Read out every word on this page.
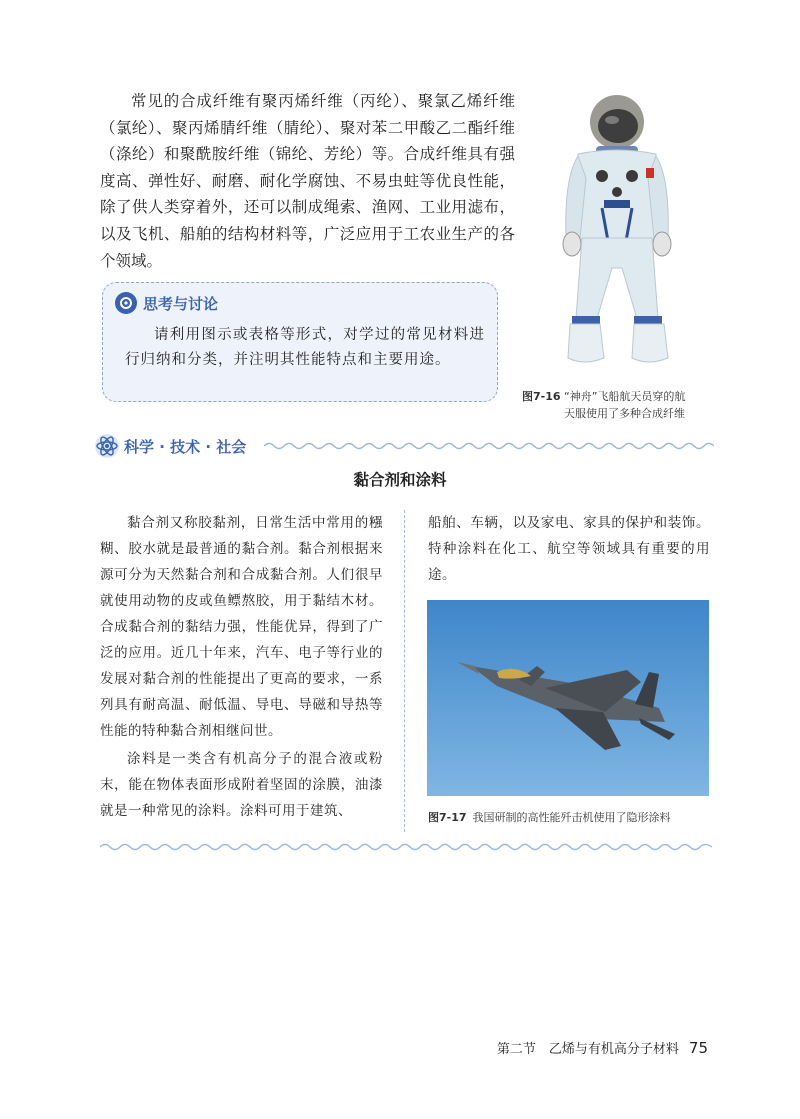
常见的合成纤维有聚丙烯纤维（丙纶）、聚氯乙烯纤维（氯纶）、聚丙烯腈纤维（腈纶）、聚对苯二甲酸乙二酯纤维（涤纶）和聚酰胺纤维（锦纶、芳纶）等。合成纤维具有强度高、弹性好、耐磨、耐化学腐蚀、不易虫蛀等优良性能，除了供人类穿着外，还可以制成绳索、渔网、工业用滤布，以及飞机、船舶的结构材料等，广泛应用于工农业生产的各个领域。
图7-16 “神舟”飞船航天员穿的航
天服使用了多种合成纤维
思考与讨论
请利用图示或表格等形式，对学过的常见材料进行归纳和分类，并注明其性能特点和主要用途。
科学 · 技术 · 社会
黏合剂和涂料

黏合剂又称胶黏剂，日常生活中常用的糨糊、胶水就是最普通的黏合剂。黏合剂根据来源可分为天然黏合剂和合成黏合剂。人们很早就使用动物的皮或鱼鳔熬胶，用于黏结木材。合成黏合剂的黏结力强，性能优异，得到了广泛的应用。近几十年来，汽车、电子等行业的发展对黏合剂的性能提出了更高的要求，一系列具有耐高温、耐低温、导电、导磁和导热等性能的特种黏合剂相继问世。

涂料是一类含有机高分子的混合液或粉末，能在物体表面形成附着坚固的涂膜，油漆就是一种常见的涂料。涂料可用于建筑、

船舶、车辆，以及家电、家具的保护和装饰。特种涂料在化工、航空等领域具有重要的用途。
图7-17 我国研制的高性能歼击机使用了隐形涂料
第二节　乙烯与有机高分子材料 75
